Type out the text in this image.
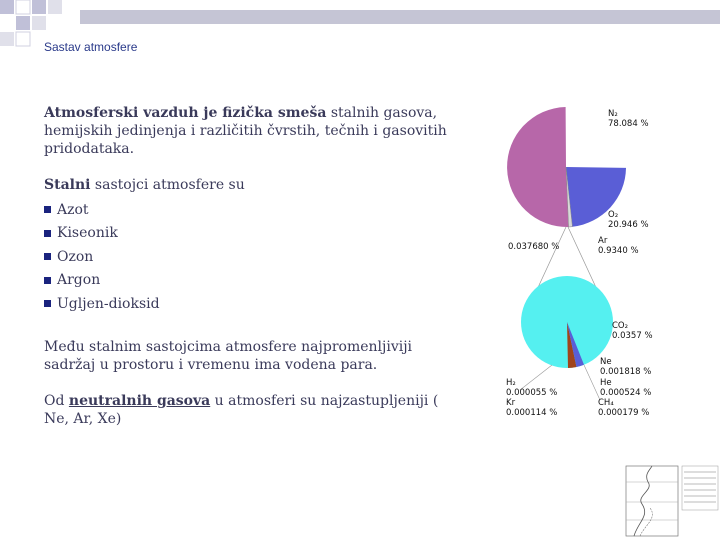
Sastav atmosfere

Atmosferski vazduh je fizička smeša stalnih gasova, hemijskih jedinjenja i različitih čvrstih, tečnih i gasovitih pridodataka.

Stalni sastojci atmosfere su

Azot
Kiseonik
Ozon
Argon
Ugljen-dioksid

Među stalnim sastojcima atmosfere najpromenljiviji sadržaj u prostoru i vremenu ima vodena para.

Od neutralnih gasova u atmosferi su najzastupljeniji ( Ne, Ar, Xe)

N₂
78.084 %
O₂
20.946 %
Ar
0.9340 %
0.037680 %
CO₂
0.0357 %
Ne
0.001818 %
He
0.000524 %
CH₄
0.000179 %
H₂
0.000055 %
Kr
0.000114 %
